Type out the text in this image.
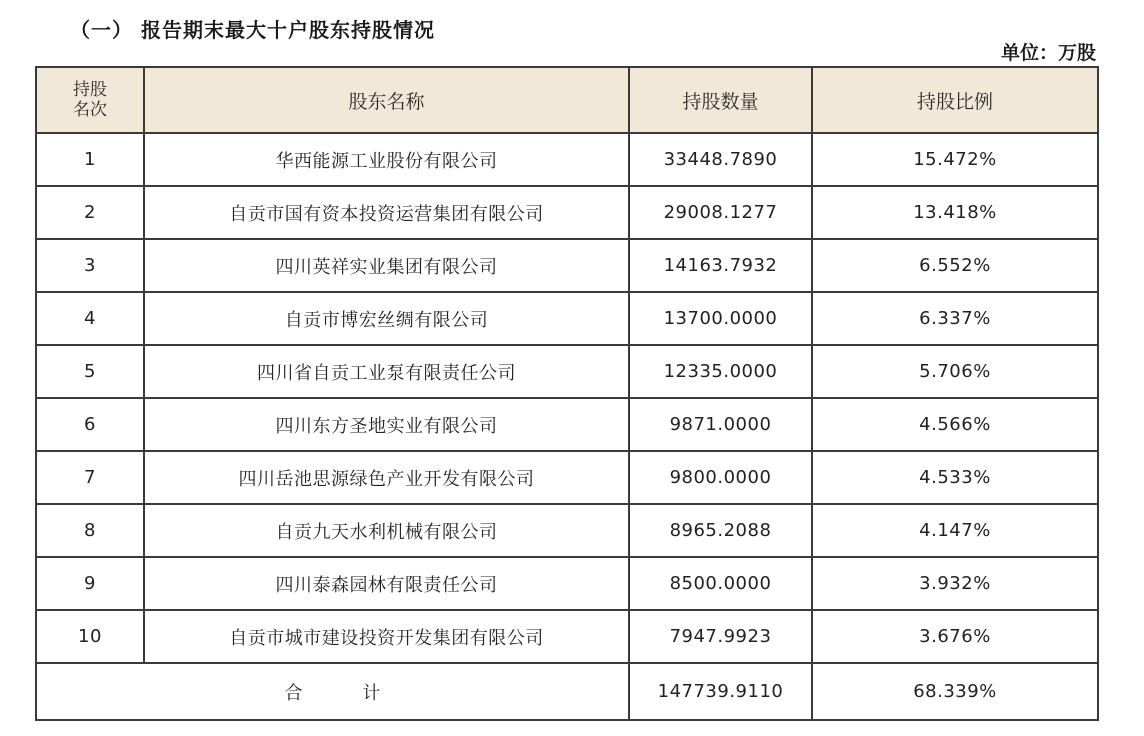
（一） 报告期末最大十户股东持股情况
单位：万股
持股
名次	股东名称	持股数量	持股比例
1	华西能源工业股份有限公司	33448.7890	15.472%
2	自贡市国有资本投资运营集团有限公司	29008.1277	13.418%
3	四川英祥实业集团有限公司	14163.7932	6.552%
4	自贡市博宏丝绸有限公司	13700.0000	6.337%
5	四川省自贡工业泵有限责任公司	12335.0000	5.706%
6	四川东方圣地实业有限公司	9871.0000	4.566%
7	四川岳池思源绿色产业开发有限公司	9800.0000	4.533%
8	自贡九天水利机械有限公司	8965.2088	4.147%
9	四川泰森园林有限责任公司	8500.0000	3.932%
10	自贡市城市建设投资开发集团有限公司	7947.9923	3.676%
合计		147739.9110	68.339%
